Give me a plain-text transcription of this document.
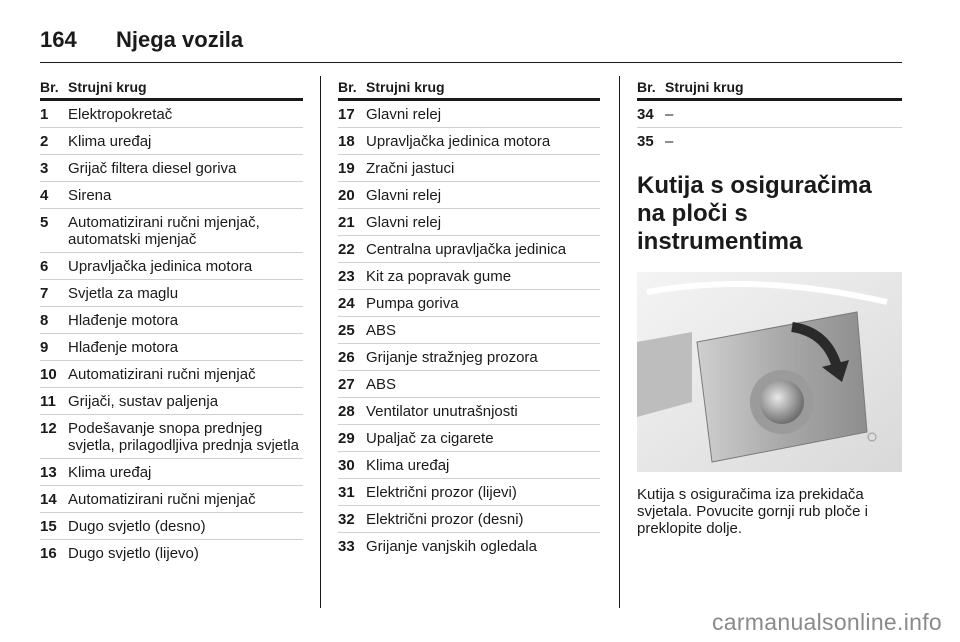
164	Njega vozila
Br. Strujni krug
1	Elektropokretač
2	Klima uređaj
3	Grijač filtera diesel goriva
4	Sirena
5	Automatizirani ručni mjenjač, automatski mjenjač
6	Upravljačka jedinica motora
7	Svjetla za maglu
8	Hlađenje motora
9	Hlađenje motora
10 Automatizirani ručni mjenjač
11 Grijači, sustav paljenja
12 Podešavanje snopa prednjeg svjetla, prilagodljiva prednja svjetla
13 Klima uređaj
14 Automatizirani ručni mjenjač
15 Dugo svjetlo (desno)
16 Dugo svjetlo (lijevo)
Br. Strujni krug
17 Glavni relej
18 Upravljačka jedinica motora
19 Zračni jastuci
20 Glavni relej
21 Glavni relej
22 Centralna upravljačka jedinica
23 Kit za popravak gume
24 Pumpa goriva
25 ABS
26 Grijanje stražnjeg prozora
27 ABS
28 Ventilator unutrašnjosti
29 Upaljač za cigarete
30 Klima uređaj
31 Električni prozor (lijevi)
32 Električni prozor (desni)
33 Grijanje vanjskih ogledala
Br. Strujni krug
34 –
35 –
Kutija s osiguračima na ploči s instrumentima
Kutija s osiguračima iza prekidača svjetala. Povucite gornji rub ploče i preklopite dolje.
carmanualsonline.info
